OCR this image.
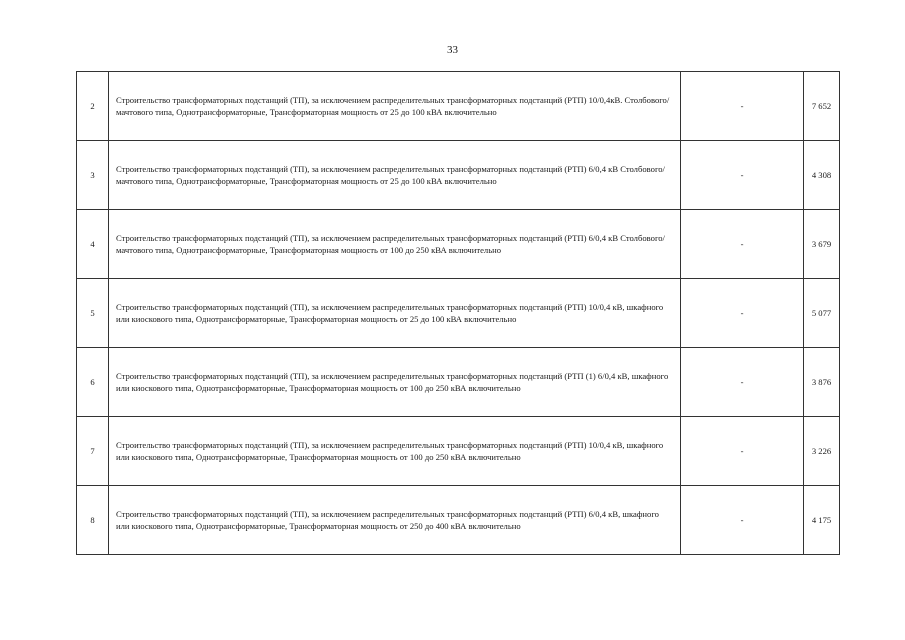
33
2	Строительство трансформаторных подстанций (ТП), за исключением распределительных трансформаторных подстанций (РТП) 10/0,4кВ. Столбового/мачтового типа, Однотрансформаторные, Трансформаторная мощность от 25 до 100 кВА включительно	-	7 652
3	Строительство трансформаторных подстанций (ТП), за исключением распределительных трансформаторных подстанций (РТП) 6/0,4 кВ Столбового/мачтового типа, Однотрансформаторные, Трансформаторная мощность от 25 до 100 кВА включительно	-	4 308
4	Строительство трансформаторных подстанций (ТП), за исключением распределительных трансформаторных подстанций (РТП) 6/0,4 кВ Столбового/мачтового типа, Однотрансформаторные, Трансформаторная мощность от 100 до 250 кВА включительно	-	3 679
5	Строительство трансформаторных подстанций (ТП), за исключением распределительных трансформаторных подстанций (РТП) 10/0,4 кВ, шкафного или киоскового типа, Однотрансформаторные, Трансформаторная мощность от 25 до 100 кВА включительно	-	5 077
6	Строительство трансформаторных подстанций (ТП), за исключением распределительных трансформаторных подстанций (РТП (1) 6/0,4 кВ, шкафного или киоскового типа, Однотрансформаторные, Трансформаторная мощность от 100 до 250 кВА включительно	-	3 876
7	Строительство трансформаторных подстанций (ТП), за исключением распределительных трансформаторных подстанций (РТП) 10/0,4 кВ, шкафного или киоскового типа, Однотрансформаторные, Трансформаторная мощность от 100 до 250 кВА включительно	-	3 226
8	Строительство трансформаторных подстанций (ТП), за исключением распределительных трансформаторных подстанций (РТП) 6/0,4 кВ, шкафного или киоскового типа, Однотрансформаторные, Трансформаторная мощность от 250 до 400 кВА включительно	-	4 175
